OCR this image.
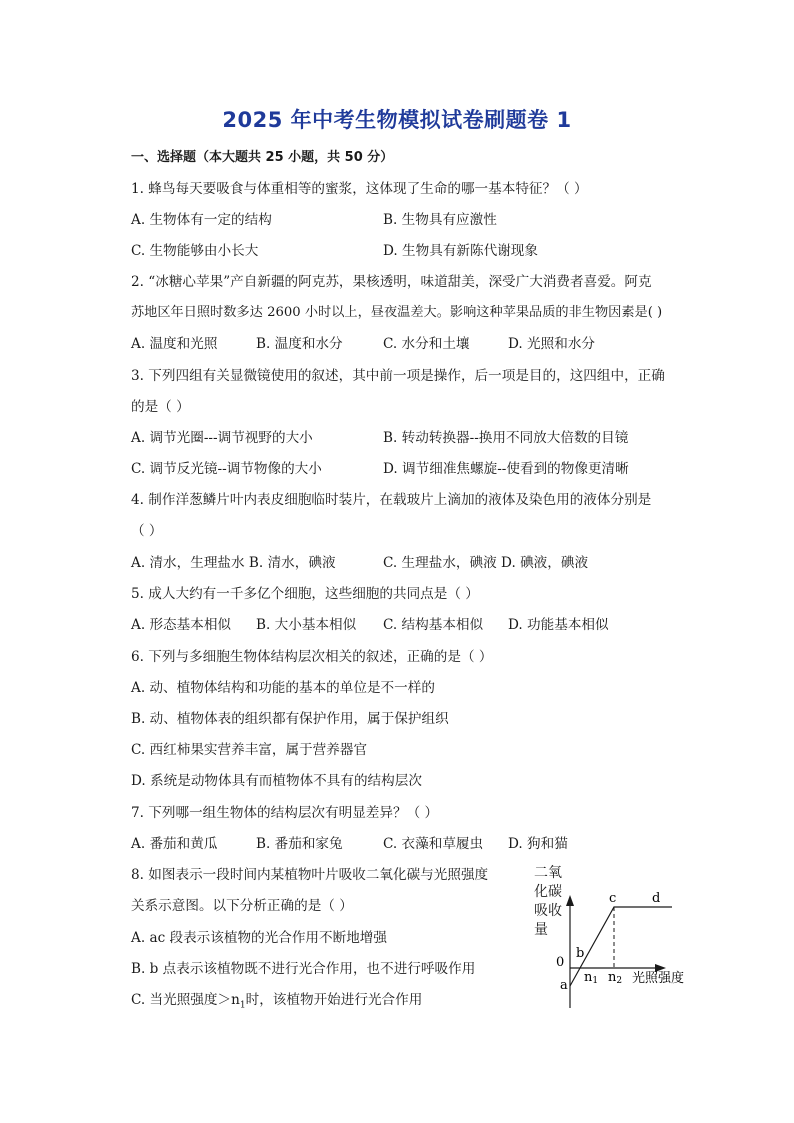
2025 年中考生物模拟试卷刷题卷 1
一、选择题（本大题共 25 小题，共 50 分）
1. 蜂鸟每天要吸食与体重相等的蜜浆，这体现了生命的哪一基本特征？（ ）
A. 生物体有一定的结构	B. 生物具有应激性
C. 生物能够由小长大	D. 生物具有新陈代谢现象
2. “冰糖心苹果”产自新疆的阿克苏，果核透明，味道甜美，深受广大消费者喜爱。阿克
苏地区年日照时数多达 2600 小时以上，昼夜温差大。影响这种苹果品质的非生物因素是( )
A. 温度和光照	B. 温度和水分	C. 水分和土壤	D. 光照和水分
3. 下列四组有关显微镜使用的叙述，其中前一项是操作，后一项是目的，这四组中，正确
的是（ ）
A. 调节光圈---调节视野的大小	B. 转动转换器--换用不同放大倍数的目镜
C. 调节反光镜--调节物像的大小	D. 调节细准焦螺旋--使看到的物像更清晰
4. 制作洋葱鳞片叶内表皮细胞临时装片，在载玻片上滴加的液体及染色用的液体分别是
（ ）
A. 清水，生理盐水 B. 清水，碘液	C. 生理盐水，碘液 D. 碘液，碘液
5. 成人大约有一千多亿个细胞，这些细胞的共同点是（ ）
A. 形态基本相似 B. 大小基本相似 C. 结构基本相似 D. 功能基本相似
6. 下列与多细胞生物体结构层次相关的叙述，正确的是（ ）
A. 动、植物体结构和功能的基本的单位是不一样的
B. 动、植物体表的组织都有保护作用，属于保护组织
C. 西红柿果实营养丰富，属于营养器官
D. 系统是动物体具有而植物体不具有的结构层次
7. 下列哪一组生物体的结构层次有明显差异？（ ）
A. 番茄和黄瓜	B. 番茄和家兔	C. 衣藻和草履虫 D. 狗和猫
8. 如图表示一段时间内某植物叶片吸收二氧化碳与光照强度
关系示意图。以下分析正确的是（ ）
A. ac 段表示该植物的光合作用不断地增强
B. b 点表示该植物既不进行光合作用，也不进行呼吸作用
C. 当光照强度$>n_1$时，该植物开始进行光合作用
二氧
化碳
吸收
量
0
a
b
c	d
n1 n2 光照强度
